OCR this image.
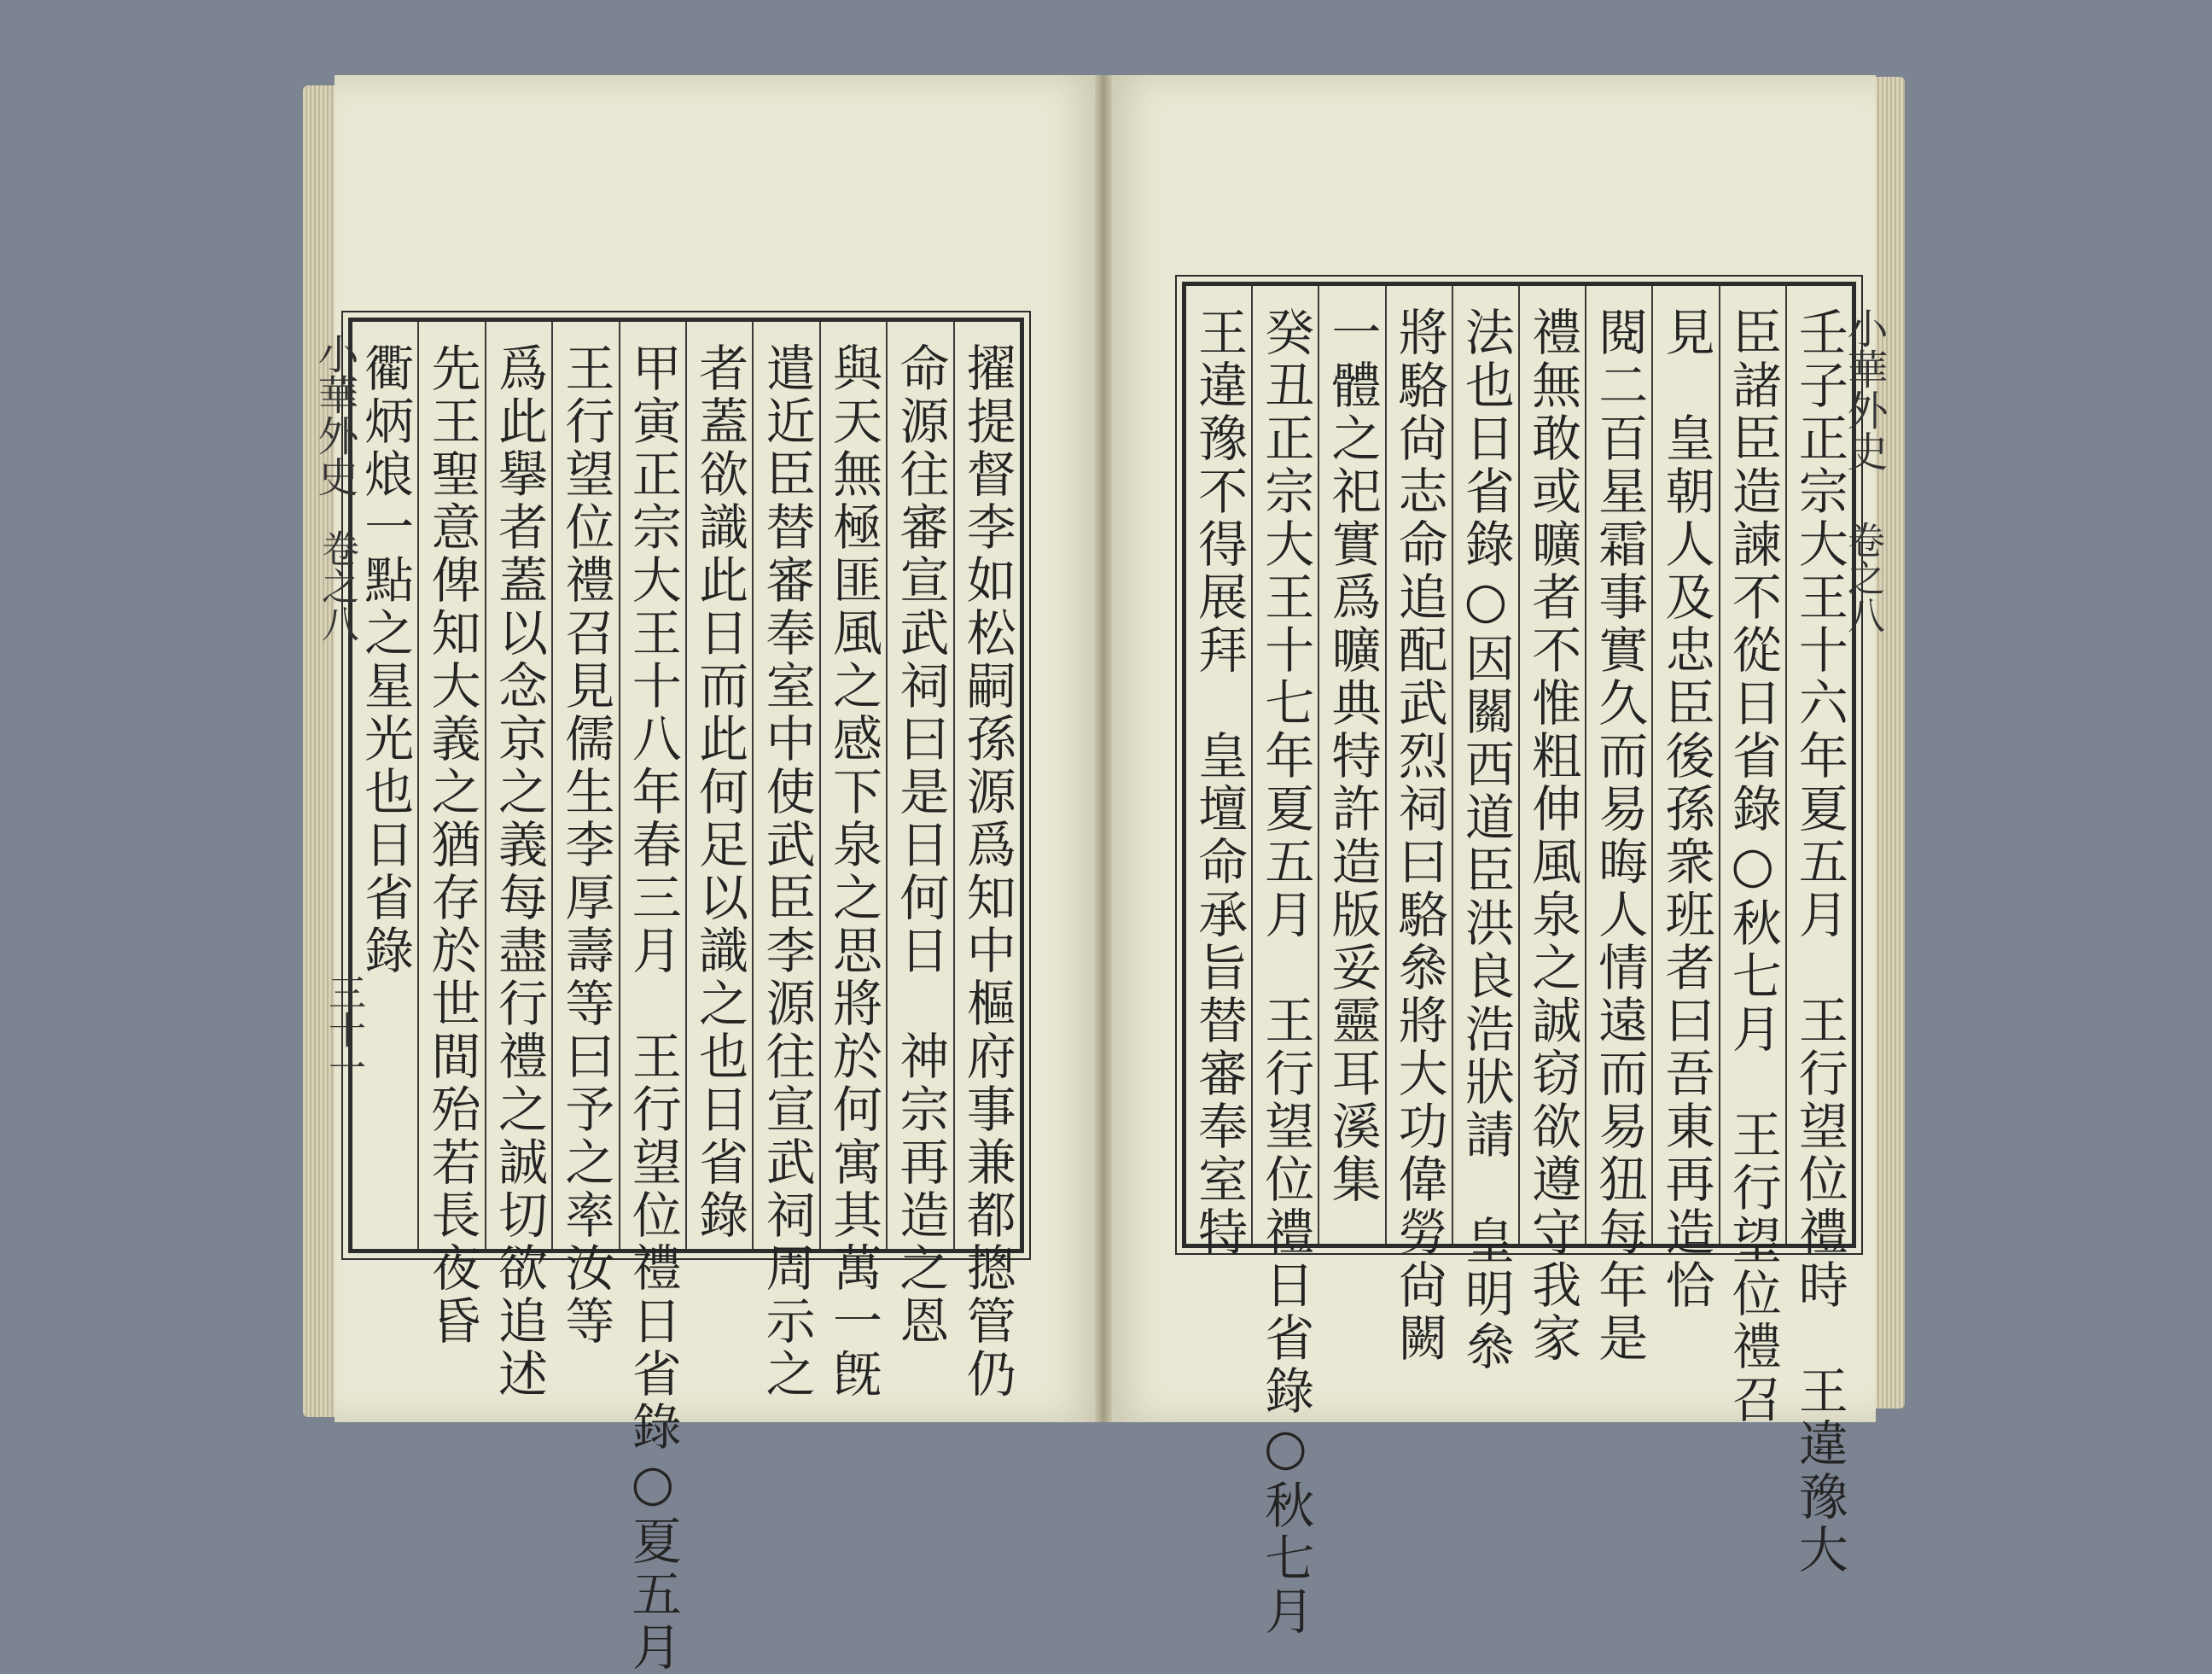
擢提督李如松嗣孫源爲知中樞府事兼都摠管仍
命源往審宣武祠曰是日何日　神宗再造之恩
與天無極匪風之感下泉之思將於何寓其萬一旣
遣近臣替審奉室中使武臣李源往宣武祠周示之
者蓋欲識此日而此何足以識之也日省錄
甲寅正宗大王十八年春三月　王行望位禮日省錄○夏五月
王行望位禮召見儒生李厚壽等曰予之率汝等
爲此擧者蓋以念京之義每盡行禮之誠切欲追述
先王聖意俾知大義之猶存於世間殆若長夜昏
衢炳烺一點之星光也日省錄
小華外史
卷之八
三十一	壬子正宗大王十六年夏五月　王行望位禮時　王違豫大
臣諸臣造諫不從日省錄○秋七月　王行望位禮召
見　皇朝人及忠臣後孫衆班者曰吾東再造恰
閱二百星霜事實久而易晦人情遠而易狃每年是
禮無敢或曠者不惟粗伸風泉之誠窃欲遵守我家
法也日省錄○因關西道臣洪良浩狀請　皇明叅
將駱尙志命追配武烈祠曰駱叅將大功偉勞尙闕
一體之祀實爲曠典特許造版妥靈耳溪集
癸丑正宗大王十七年夏五月　王行望位禮日省錄○秋七月
王違豫不得展拜　皇壇命承旨替審奉室特	小華外史
卷之八
